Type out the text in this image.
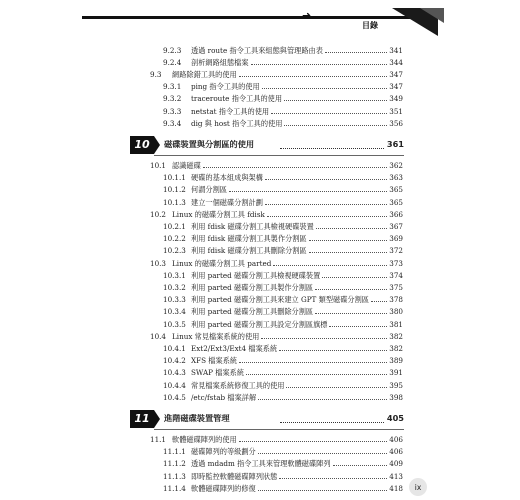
➜
目錄
9.2.3	透過 route 指令工具來組態與管理路由表	341
9.2.4	剖析網路組態檔案	344
9.3	網路除錯工具的使用	347
9.3.1	ping 指令工具的使用	347
9.3.2	traceroute 指令工具的使用	349
9.3.3	netstat 指令工具的使用	351
9.3.4	dig 與 host 指令工具的使用	356
10	磁碟裝置與分割區的使用	361
10.1 認識磁碟	362
10.1.1 硬碟的基本組成與架構	363
10.1.2 何謂分割區	365
10.1.3 建立一個磁碟分割計劃	365
10.2 Linux 的磁碟分割工具 fdisk	366
10.2.1 利用 fdisk 磁碟分割工具檢視硬碟裝置	367
10.2.2 利用 fdisk 磁碟分割工具製作分割區	369
10.2.3 利用 fdisk 磁碟分割工具刪除分割區	372
10.3 Linux 的磁碟分割工具 parted	373
10.3.1 利用 parted 磁碟分割工具檢視硬碟裝置	374
10.3.2 利用 parted 磁碟分割工具製作分割區	375
10.3.3 利用 parted 磁碟分割工具來建立 GPT 類型磁碟分割區	378
10.3.4 利用 parted 磁碟分割工具刪除分割區	380
10.3.5 利用 parted 磁碟分割工具設定分割區旗標	381
10.4 Linux 常見檔案系統的使用	382
10.4.1 Ext2/Ext3/Ext4 檔案系統	382
10.4.2 XFS 檔案系統	389
10.4.3 SWAP 檔案系統	391
10.4.4 常見檔案系統修復工具的使用	395
10.4.5 /etc/fstab 檔案詳解	398
11	進階磁碟裝置管理	405
11.1 軟體磁碟陣列的使用	406
11.1.1 磁碟陣列的等級劃分	406
11.1.2 透過 mdadm 指令工具來管理軟體磁碟陣列	409
11.1.3 即時監控軟體磁碟陣列狀態	413
11.1.4 軟體磁碟陣列的修復	418	ix
